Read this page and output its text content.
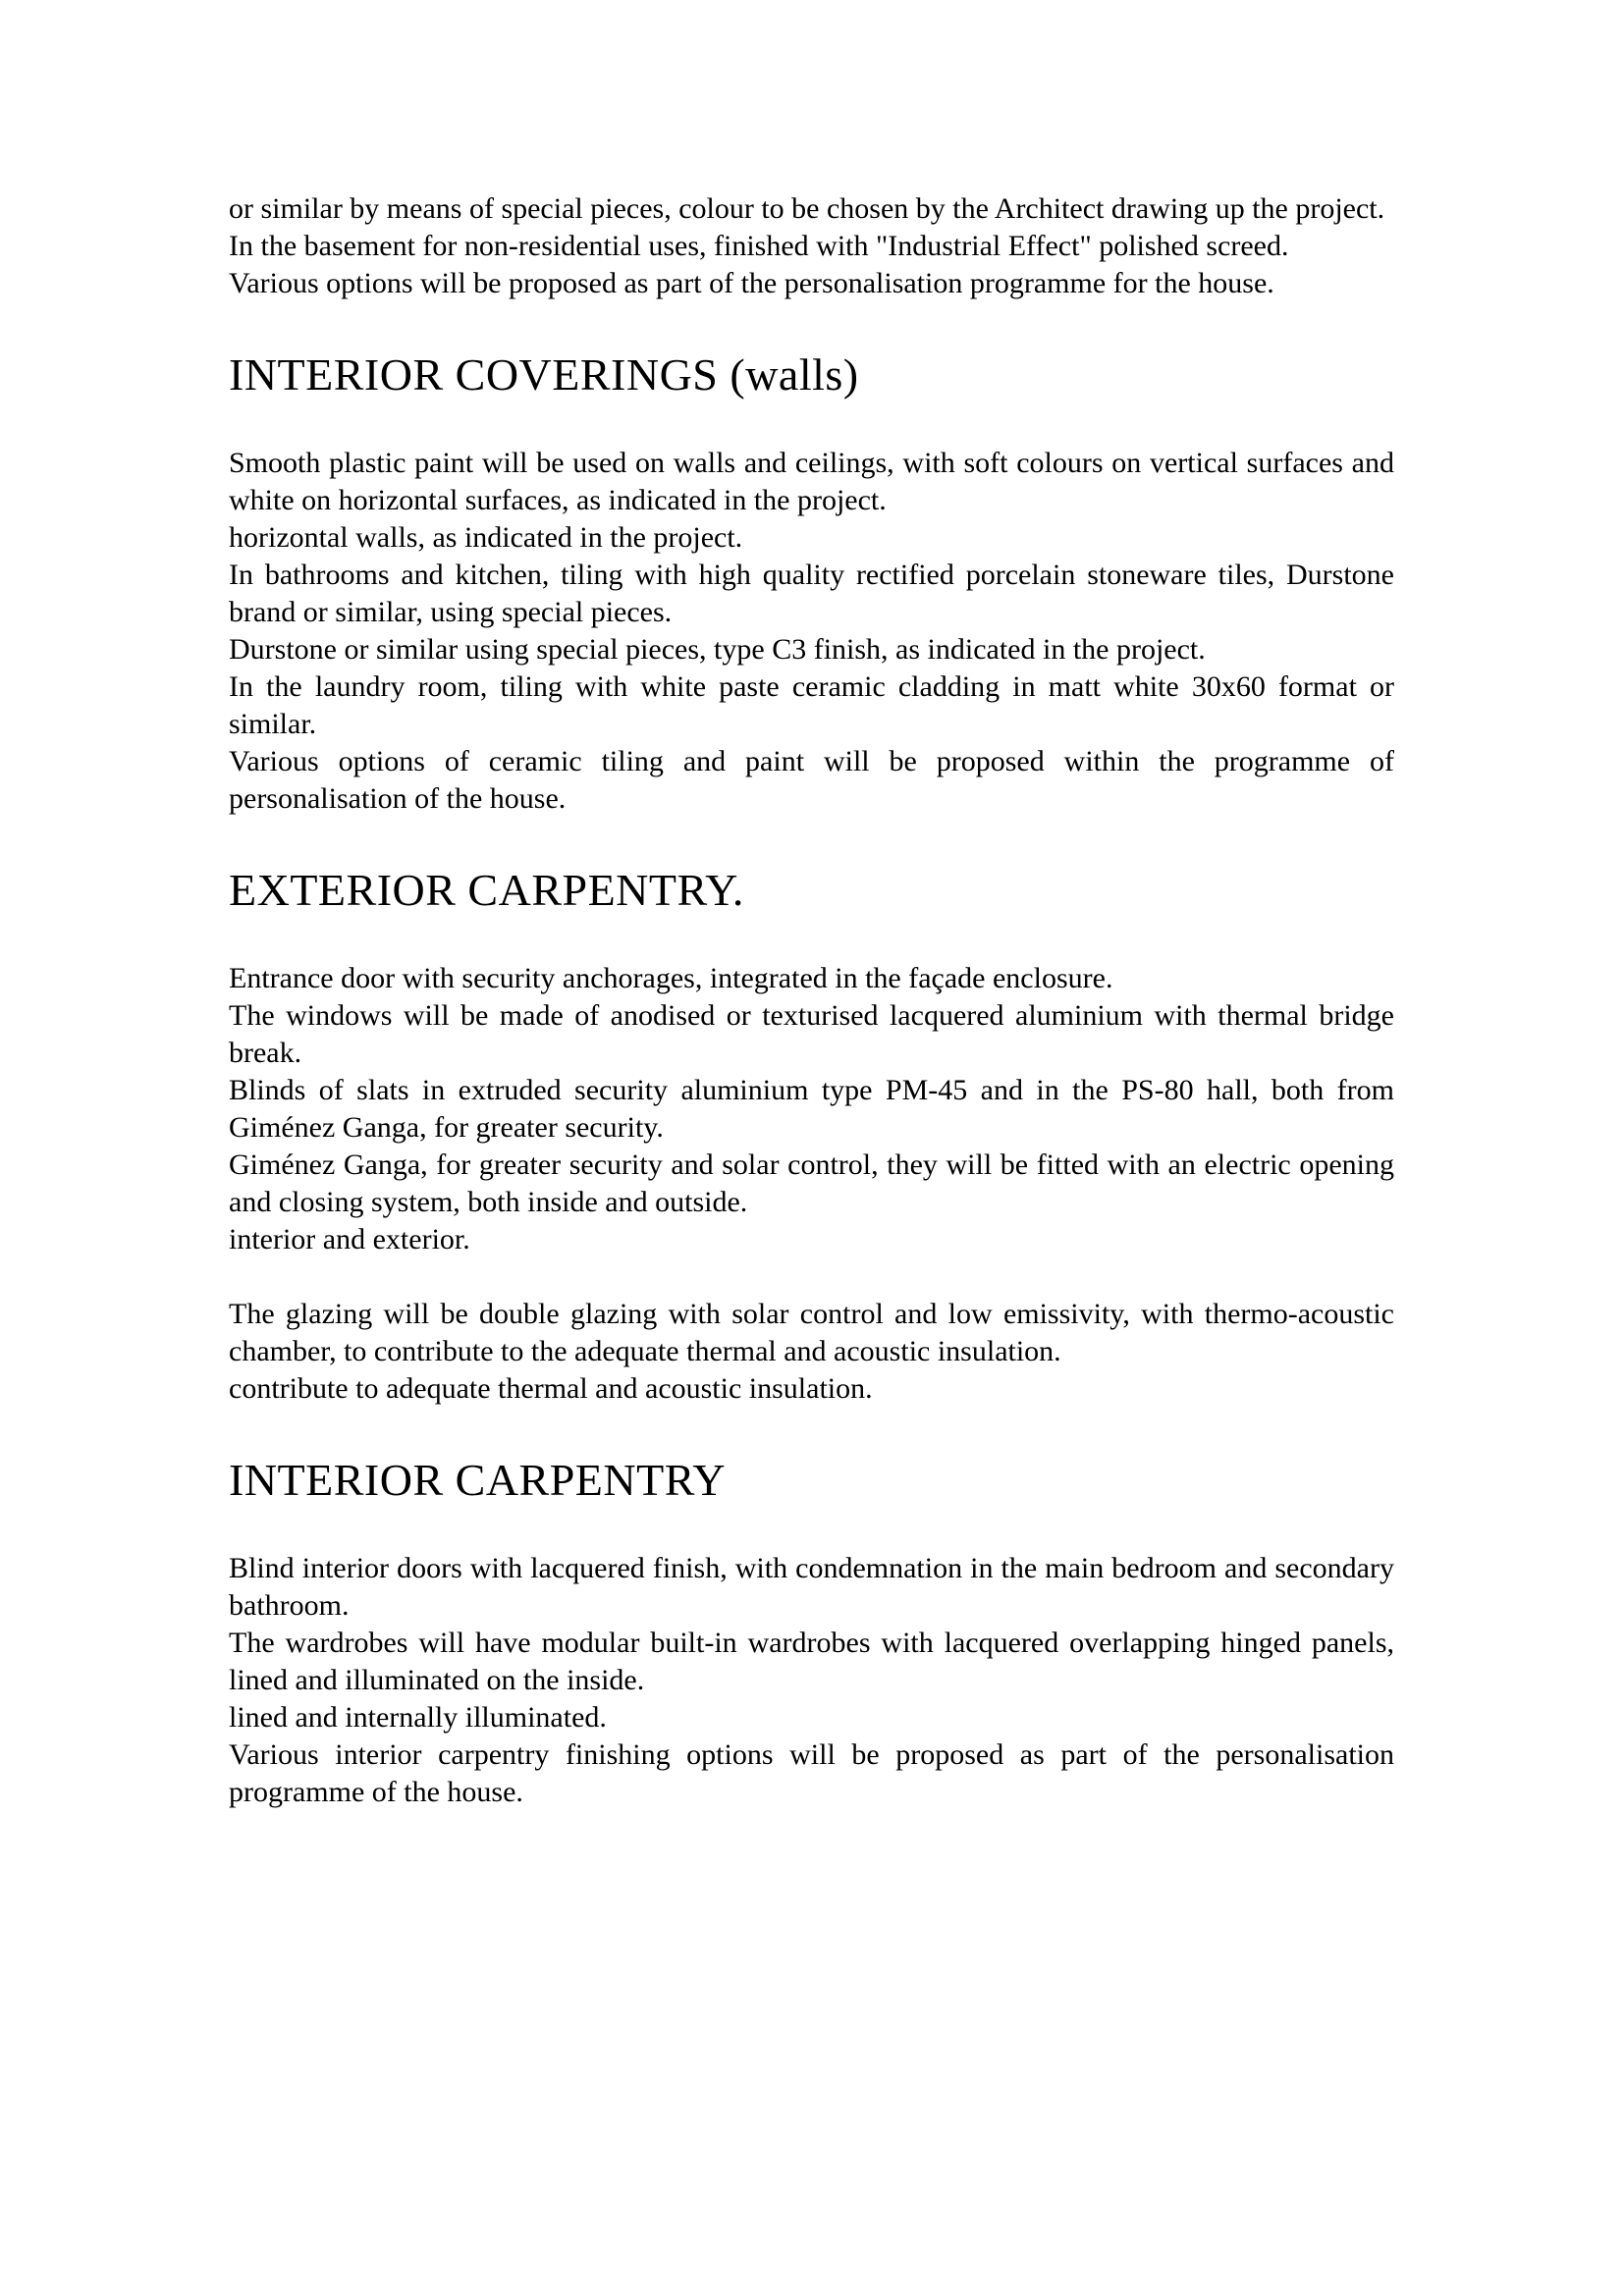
or similar by means of special pieces, colour to be chosen by the Architect drawing up the project.

In the basement for non-residential uses, finished with "Industrial Effect" polished screed.

Various options will be proposed as part of the personalisation programme for the house.

INTERIOR COVERINGS (walls)

Smooth plastic paint will be used on walls and ceilings, with soft colours on vertical surfaces and white on horizontal surfaces, as indicated in the project.

horizontal walls, as indicated in the project.

In bathrooms and kitchen, tiling with high quality rectified porcelain stoneware tiles, Durstone brand or similar, using special pieces.

Durstone or similar using special pieces, type C3 finish, as indicated in the project.

In the laundry room, tiling with white paste ceramic cladding in matt white 30x60 format or similar.

Various options of ceramic tiling and paint will be proposed within the programme of personalisation of the house.

EXTERIOR CARPENTRY.

Entrance door with security anchorages, integrated in the façade enclosure.

The windows will be made of anodised or texturised lacquered aluminium with thermal bridge break.

Blinds of slats in extruded security aluminium type PM-45 and in the PS-80 hall, both from Giménez Ganga, for greater security.

Giménez Ganga, for greater security and solar control, they will be fitted with an electric opening and closing system, both inside and outside.

interior and exterior.

The glazing will be double glazing with solar control and low emissivity, with thermo-acoustic chamber, to contribute to the adequate thermal and acoustic insulation.

contribute to adequate thermal and acoustic insulation.

INTERIOR CARPENTRY

Blind interior doors with lacquered finish, with condemnation in the main bedroom and secondary bathroom.

The wardrobes will have modular built-in wardrobes with lacquered overlapping hinged panels, lined and illuminated on the inside.

lined and internally illuminated.

Various interior carpentry finishing options will be proposed as part of the personalisation programme of the house.
